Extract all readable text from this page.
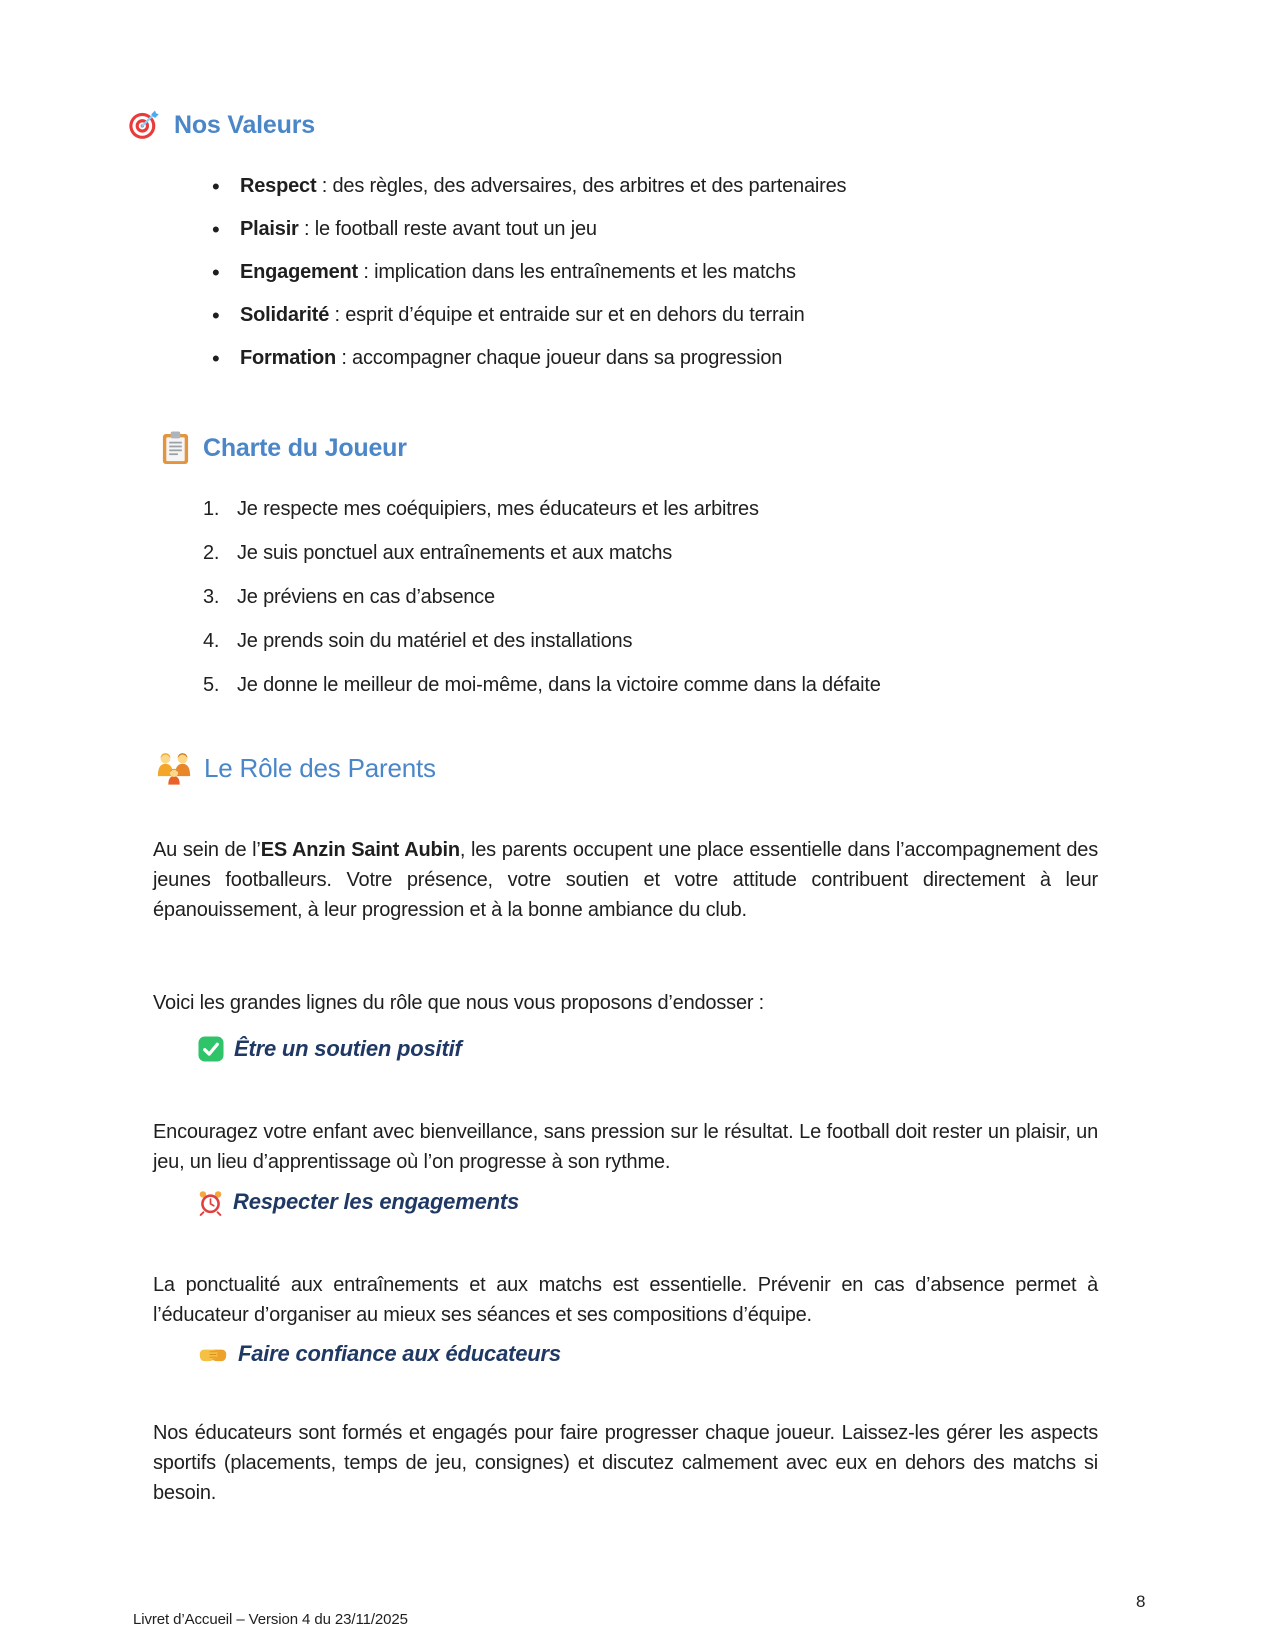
Nos Valeurs
• Respect : des règles, des adversaires, des arbitres et des partenaires
• Plaisir : le football reste avant tout un jeu
• Engagement : implication dans les entraînements et les matchs
• Solidarité : esprit d’équipe et entraide sur et en dehors du terrain
• Formation : accompagner chaque joueur dans sa progression
Charte du Joueur
1. Je respecte mes coéquipiers, mes éducateurs et les arbitres
2. Je suis ponctuel aux entraînements et aux matchs
3. Je préviens en cas d’absence
4. Je prends soin du matériel et des installations
5. Je donne le meilleur de moi-même, dans la victoire comme dans la défaite
Le Rôle des Parents

Au sein de l’ES Anzin Saint Aubin, les parents occupent une place essentielle dans l’accompagnement des jeunes footballeurs. Votre présence, votre soutien et votre attitude contribuent directement à leur épanouissement, à leur progression et à la bonne ambiance du club.

Voici les grandes lignes du rôle que nous vous proposons d’endosser :

Être un soutien positif

Encouragez votre enfant avec bienveillance, sans pression sur le résultat. Le football doit rester un plaisir, un jeu, un lieu d’apprentissage où l’on progresse à son rythme.

Respecter les engagements

La ponctualité aux entraînements et aux matchs est essentielle. Prévenir en cas d’absence permet à l’éducateur d’organiser au mieux ses séances et ses compositions d’équipe.

Faire confiance aux éducateurs

Nos éducateurs sont formés et engagés pour faire progresser chaque joueur. Laissez-les gérer les aspects sportifs (placements, temps de jeu, consignes) et discutez calmement avec eux en dehors des matchs si besoin.

Livret d’Accueil – Version 4 du 23/11/2025
8
